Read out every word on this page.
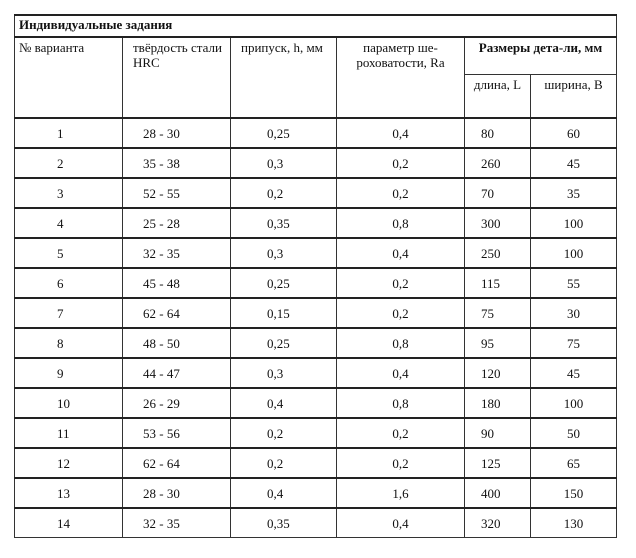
Индивидуальные задания					
№ варианта	твёрдость стали HRC	припуск, h, мм	параметр ше-роховатости, Ra	Размеры дета-ли, мм	
				длина, L	ширина, B
1	28 - 30	0,25	0,4	80	60
2	35 - 38	0,3	0,2	260	45
3	52 - 55	0,2	0,2	70	35
4	25 - 28	0,35	0,8	300	100
5	32 - 35	0,3	0,4	250	100
6	45 - 48	0,25	0,2	115	55
7	62 - 64	0,15	0,2	75	30
8	48 - 50	0,25	0,8	95	75
9	44 - 47	0,3	0,4	120	45
10	26 - 29	0,4	0,8	180	100
11	53 - 56	0,2	0,2	90	50
12	62 - 64	0,2	0,2	125	65
13	28 - 30	0,4	1,6	400	150
14	32 - 35	0,35	0,4	320	130
